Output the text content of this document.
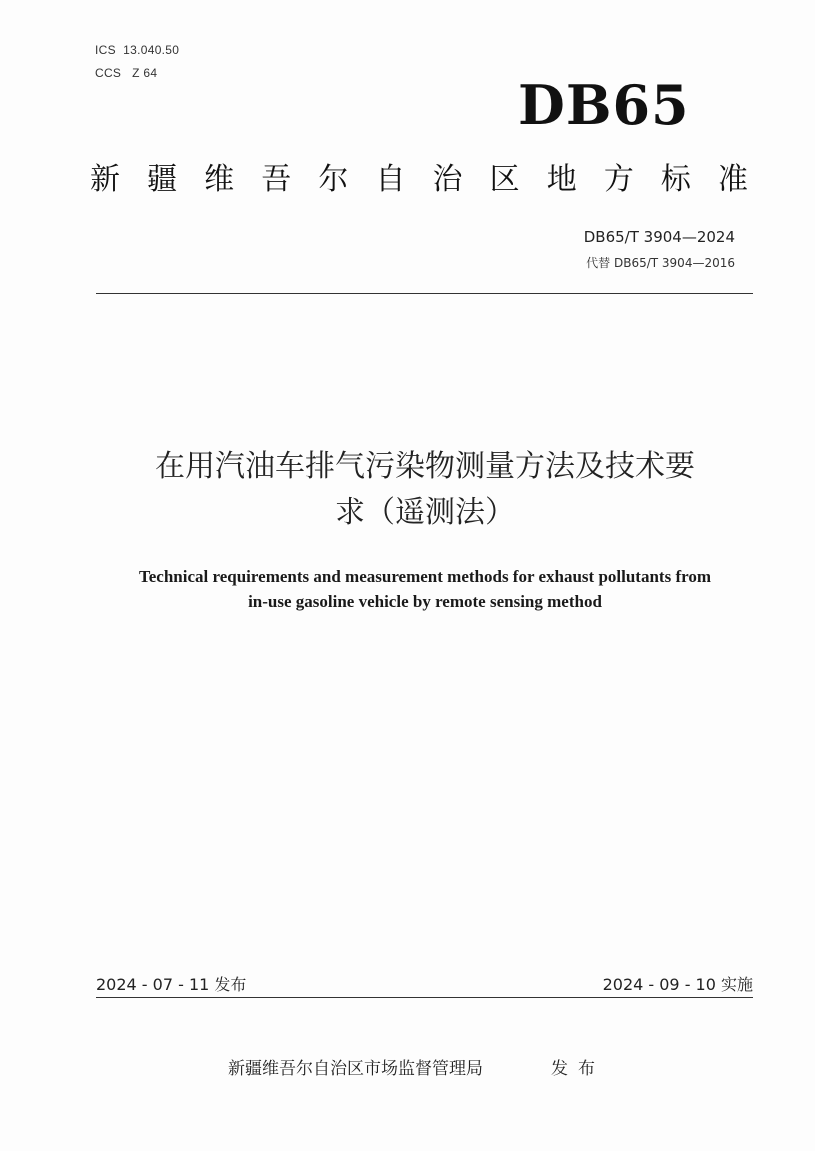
ICS  13.040.50
CCS   Z 64	DB65
新疆维吾尔自治区地方标准
DB65/T 3904—2024
代替 DB65/T 3904—2016
在用汽油车排气污染物测量方法及技术要
求（遥测法）
Technical requirements and measurement methods for exhaust pollutants from
in-use gasoline vehicle by remote sensing method
2024 - 07 - 11 发布	2024 - 09 - 10 实施
新疆维吾尔自治区市场监督管理局	发布
